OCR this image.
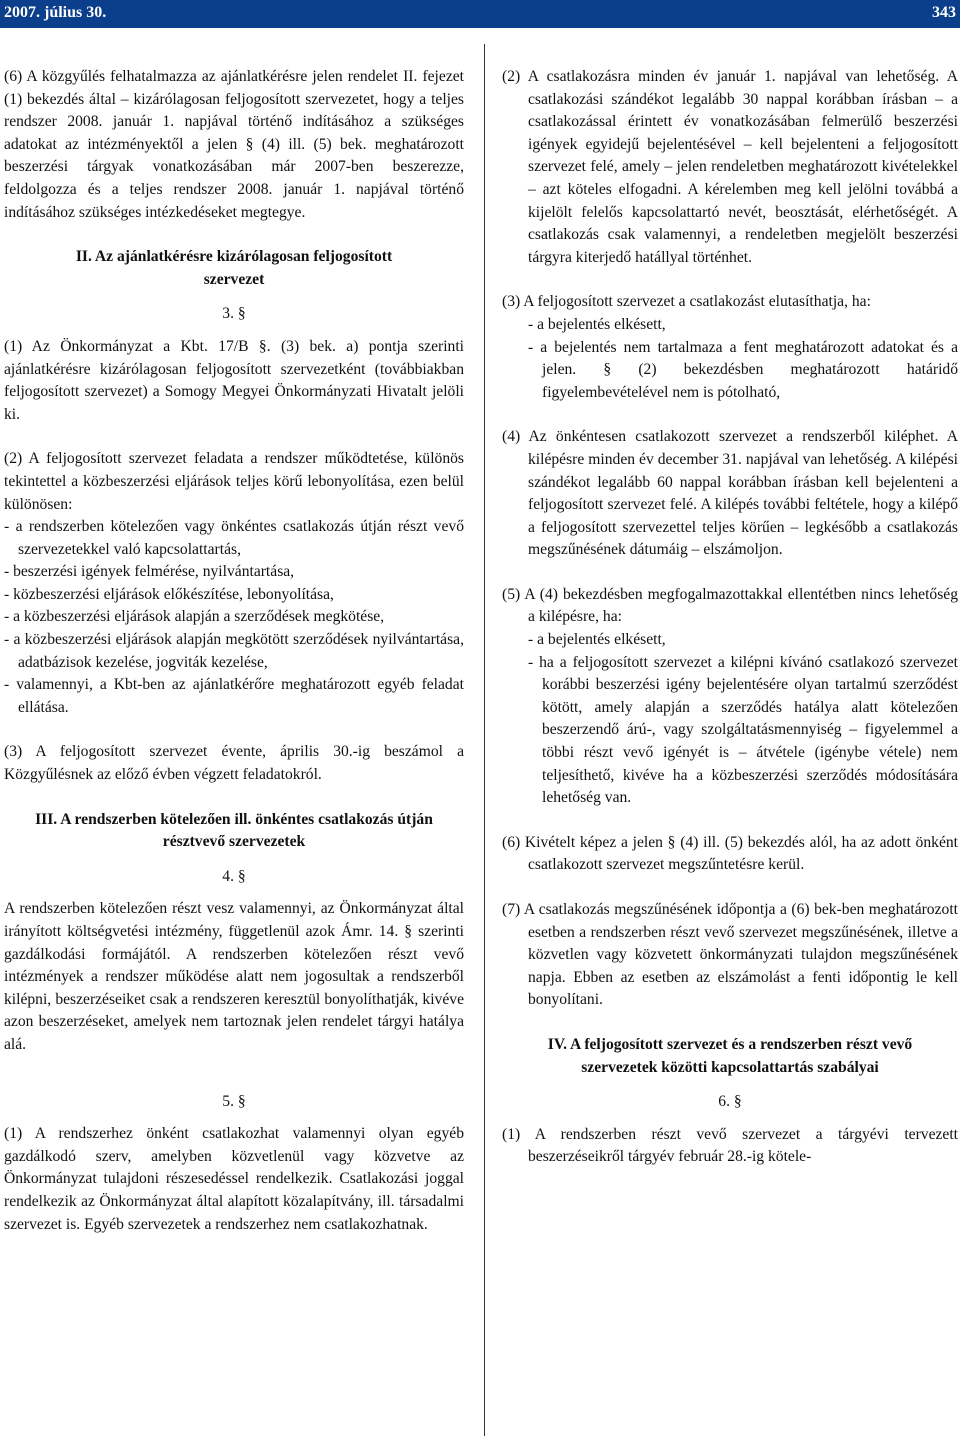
2007. július 30.	343

(6) A közgyűlés felhatalmazza az ajánlatkérésre jelen rendelet II. fejezet (1) bekezdés által – kizárólagosan feljogosított szervezetet, hogy a teljes rendszer 2008. január 1. napjával történő indításához a szükséges adatokat az intézményektől a jelen § (4) ill. (5) bek. meghatározott beszerzési tárgyak vonatkozásában már 2007-ben beszerezze, feldolgozza és a teljes rendszer 2008. január 1. napjával történő indításához szükséges intézkedéseket megtegye.

II. Az ajánlatkérésre kizárólagosan feljogosított szervezet

3. §

(1) Az Önkormányzat a Kbt. 17/B §. (3) bek. a) pontja szerinti ajánlatkérésre kizárólagosan feljogosított szervezetként (továbbiakban feljogosított szervezet) a Somogy Megyei Önkormányzati Hivatalt jelöli ki.

(2) A feljogosított szervezet feladata a rendszer működtetése, különös tekintettel a közbeszerzési eljárások teljes körű lebonyolítása, ezen belül különösen:

- a rendszerben kötelezően vagy önkéntes csatlakozás útján részt vevő szervezetekkel való kapcsolattartás,
- beszerzési igények felmérése, nyilvántartása,
- közbeszerzési eljárások előkészítése, lebonyolítása,
- a közbeszerzési eljárások alapján a szerződések megkötése,
- a közbeszerzési eljárások alapján megkötött szerződések nyilvántartása, adatbázisok kezelése, jogviták kezelése,
- valamennyi, a Kbt-ben az ajánlatkérőre meghatározott egyéb feladat ellátása.

(3) A feljogosított szervezet évente, április 30.-ig beszámol a Közgyűlésnek az előző évben végzett feladatokról.

III. A rendszerben kötelezően ill. önkéntes csatlakozás útján résztvevő szervezetek

4. §

A rendszerben kötelezően részt vesz valamennyi, az Önkormányzat által irányított költségvetési intézmény, függetlenül azok Ámr. 14. § szerinti gazdálkodási formájától. A rendszerben kötelezően részt vevő intézmények a rendszer működése alatt nem jogosultak a rendszerből kilépni, beszerzéseiket csak a rendszeren keresztül bonyolíthatják, kivéve azon beszerzéseket, amelyek nem tartoznak jelen rendelet tárgyi hatálya alá.

5. §

(1) A rendszerhez önként csatlakozhat valamennyi olyan egyéb gazdálkodó szerv, amelyben közvetlenül vagy közvetve az Önkormányzat tulajdoni részesedéssel rendelkezik. Csatlakozási joggal rendelkezik az Önkormányzat által alapított közalapítvány, ill. társadalmi szervezet is. Egyéb szervezetek a rendszerhez nem csatlakozhatnak.

(2) A csatlakozásra minden év január 1. napjával van lehetőség. A csatlakozási szándékot legalább 30 nappal korábban írásban – a csatlakozással érintett év vonatkozásában felmerülő beszerzési igények egyidejű bejelentésével – kell bejelenteni a feljogosított szervezet felé, amely – jelen rendeletben meghatározott kivételekkel – azt köteles elfogadni. A kérelemben meg kell jelölni továbbá a kijelölt felelős kapcsolattartó nevét, beosztását, elérhetőségét. A csatlakozás csak valamennyi, a rendeletben megjelölt beszerzési tárgyra kiterjedő hatállyal történhet.

(3) A feljogosított szervezet a csatlakozást elutasíthatja, ha:

- a bejelentés elkésett,
- a bejelentés nem tartalmaza a fent meghatározott adatokat és a jelen. § (2) bekezdésben meghatározott határidő figyelembevételével nem is pótolható,

(4) Az önkéntesen csatlakozott szervezet a rendszerből kiléphet. A kilépésre minden év december 31. napjával van lehetőség. A kilépési szándékot legalább 60 nappal korábban írásban kell bejelenteni a feljogosított szervezet felé. A kilépés további feltétele, hogy a kilépő a feljogosított szervezettel teljes körűen – legkésőbb a csatlakozás megszűnésének dátumáig – elszámoljon.

(5) A (4) bekezdésben megfogalmazottakkal ellentétben nincs lehetőség a kilépésre, ha:

- a bejelentés elkésett,
- ha a feljogosított szervezet a kilépni kívánó csatlakozó szervezet korábbi beszerzési igény bejelentésére olyan tartalmú szerződést kötött, amely alapján a szerződés hatálya alatt kötelezően beszerzendő árú-, vagy szolgáltatásmennyiség – figyelemmel a többi részt vevő igényét is – átvétele (igénybe vétele) nem teljesíthető, kivéve ha a közbeszerzési szerződés módosítására lehetőség van.

(6) Kivételt képez a jelen § (4) ill. (5) bekezdés alól, ha az adott önként csatlakozott szervezet megszűntetésre kerül.

(7) A csatlakozás megszűnésének időpontja a (6) bek-ben meghatározott esetben a rendszerben részt vevő szervezet megszűnésének, illetve a közvetlen vagy közvetett önkormányzati tulajdon megszűnésének napja. Ebben az esetben az elszámolást a fenti időpontig le kell bonyolítani.

IV. A feljogosított szervezet és a rendszerben részt vevő szervezetek közötti kapcsolattartás szabályai

6. §

(1) A rendszerben részt vevő szervezet a tárgyévi tervezett beszerzéseikről tárgyév február 28.-ig kötele-
